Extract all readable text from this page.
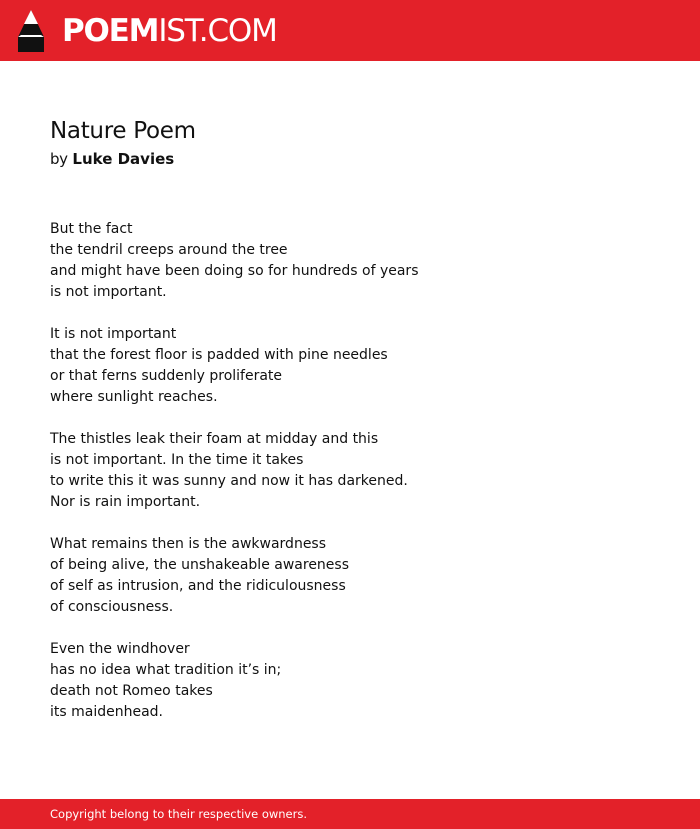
POEMIST.COM
Nature Poem
by Luke Davies
But the fact
the tendril creeps around the tree
and might have been doing so for hundreds of years
is not important.
It is not important
that the forest floor is padded with pine needles
or that ferns suddenly proliferate
where sunlight reaches.
The thistles leak their foam at midday and this
is not important. In the time it takes
to write this it was sunny and now it has darkened.
Nor is rain important.
What remains then is the awkwardness
of being alive, the unshakeable awareness
of self as intrusion, and the ridiculousness
of consciousness.
Even the windhover
has no idea what tradition it’s in;
death not Romeo takes
its maidenhead.
Copyright belong to their respective owners.
